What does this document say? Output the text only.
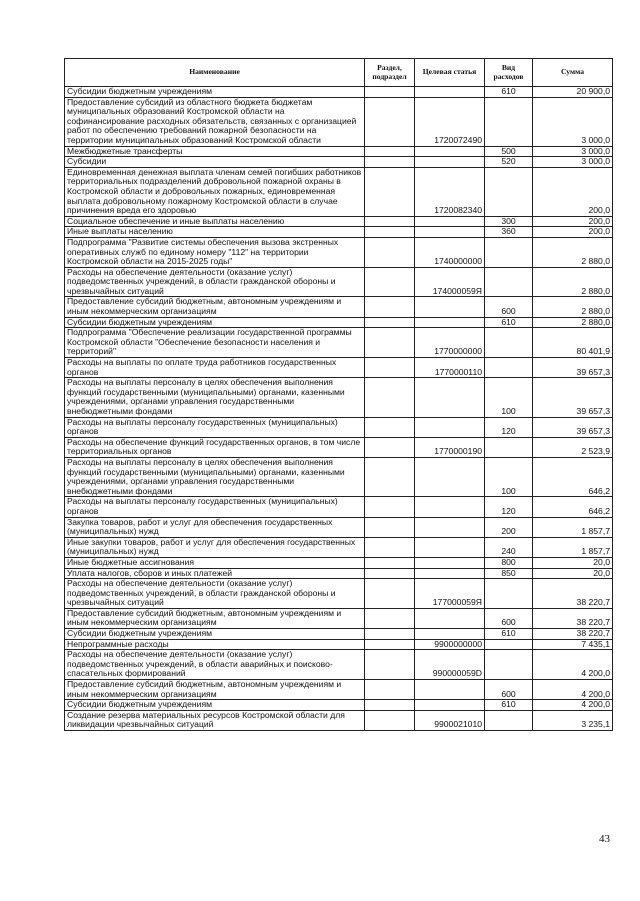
Наименование	Раздел, подраздел	Целевая статья	Вид расходов	Сумма
Субсидии бюджетным учреждениям			610	20 900,0
Предоставление субсидий из областного бюджета бюджетам муниципальных образований Костромской области на софинансирование расходных обязательств, связанных с организацией работ по обеспечению требований пожарной безопасности на территории муниципальных образований Костромской области		1720072490		3 000,0
Межбюджетные трансферты			500	3 000,0
Субсидии			520	3 000,0
Единовременная денежная выплата членам семей погибших работников территориальных подразделений добровольной пожарной охраны в Костромской области и добровольных пожарных, единовременная выплата добровольному пожарному Костромской области в случае причинения вреда его здоровью		1720082340		200,0
Социальное обеспечение и иные выплаты населению			300	200,0
Иные выплаты населению			360	200,0
Подпрограмма "Развитие системы обеспечения вызова экстренных оперативных служб по единому номеру "112" на территории Костромской области на 2015-2025 годы"		1740000000		2 880,0
Расходы на обеспечение деятельности (оказание услуг) подведомственных учреждений, в области гражданской обороны и чрезвычайных ситуаций		174000059Я		2 880,0
Предоставление субсидий бюджетным, автономным учреждениям и иным некоммерческим организациям			600	2 880,0
Субсидии бюджетным учреждениям			610	2 880,0
Подпрограмма "Обеспечение реализации государственной программы Костромской области "Обеспечение безопасности населения и территорий"		1770000000		80 401,9
Расходы на выплаты по оплате труда работников государственных органов		1770000110		39 657,3
Расходы на выплаты персоналу в целях обеспечения выполнения функций государственными (муниципальными) органами, казенными учреждениями, органами управления государственными внебюджетными фондами			100	39 657,3
Расходы на выплаты персоналу государственных (муниципальных) органов			120	39 657,3
Расходы на обеспечение функций государственных органов, в том числе территориальных органов		1770000190		2 523,9
Расходы на выплаты персоналу в целях обеспечения выполнения функций государственными (муниципальными) органами, казенными учреждениями, органами управления государственными внебюджетными фондами			100	646,2
Расходы на выплаты персоналу государственных (муниципальных) органов			120	646,2
Закупка товаров, работ и услуг для обеспечения государственных (муниципальных) нужд			200	1 857,7
Иные закупки товаров, работ и услуг для обеспечения государственных (муниципальных) нужд			240	1 857,7
Иные бюджетные ассигнования			800	20,0
Уплата налогов, сборов и иных платежей			850	20,0
Расходы на обеспечение деятельности (оказание услуг) подведомственных учреждений, в области гражданской обороны и чрезвычайных ситуаций		177000059Я		38 220,7
Предоставление субсидий бюджетным, автономным учреждениям и иным некоммерческим организациям			600	38 220,7
Субсидии бюджетным учреждениям			610	38 220,7
Непрограммные расходы		9900000000		7 435,1
Расходы на обеспечение деятельности (оказание услуг) подведомственных учреждений, в области аварийных и поисково-спасательных формирований		990000059D		4 200,0
Предоставление субсидий бюджетным, автономным учреждениям и иным некоммерческим организациям			600	4 200,0
Субсидии бюджетным учреждениям			610	4 200,0
Создание резерва материальных ресурсов Костромской области для ликвидации чрезвычайных ситуаций		9900021010		3 235,1
43
